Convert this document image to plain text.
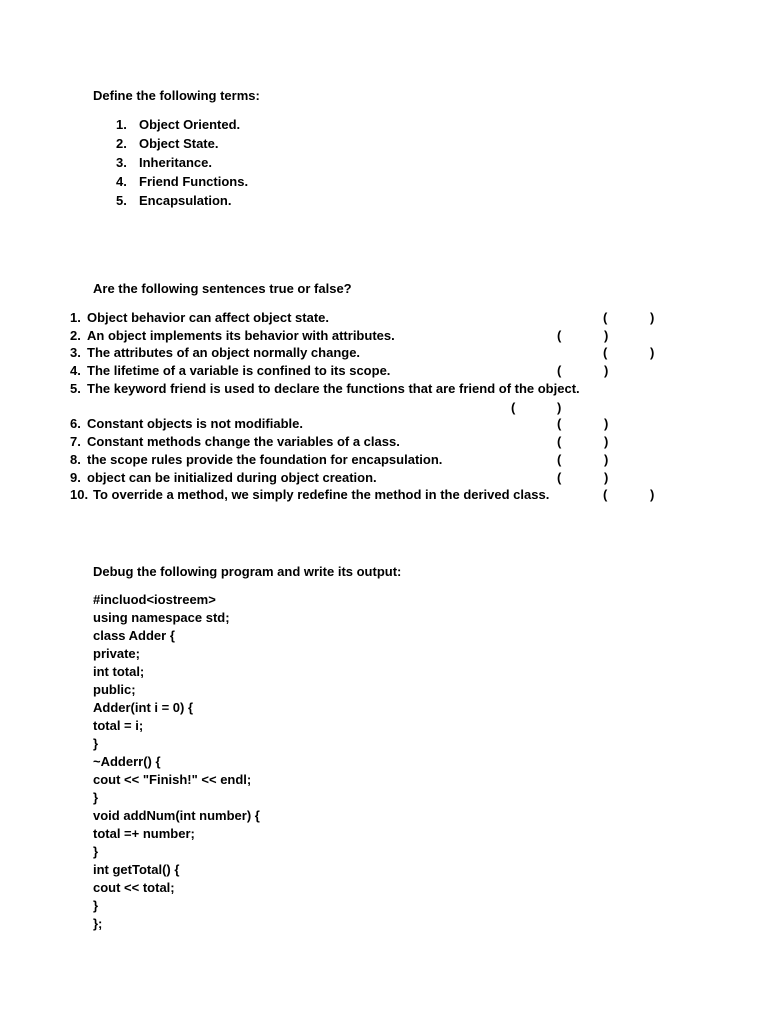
Define the following terms:
1. Object Oriented.
2. Object State.
3. Inheritance.
4. Friend Functions.
5. Encapsulation.
Are the following sentences true or false?
1. Object behavior can affect object state.	(	)
2. An object implements its behavior with attributes.	(	)
3. The attributes of an object normally change.	(	)
4. The lifetime of a variable is confined to its scope.	(	)
5. The keyword friend is used to declare the functions that are friend of the object.
(	)
6. Constant objects is not modifiable.	(	)
7. Constant methods change the variables of a class.	(	)
8. the scope rules provide the foundation for encapsulation.	(	)
9. object can be initialized during object creation.	(	)
10. To override a method, we simply redefine the method in the derived class.	(	)
Debug the following program and write its output:
#incluod<iostreem>
using namespace std;
class Adder {
private;
int total;
public;
Adder(int i = 0) {
total = i;
}
~Adderr() {
cout << "Finish!" << endl;
}
void addNum(int number) {
total =+ number;
}
int getTotal() {
cout << total;
}
};
